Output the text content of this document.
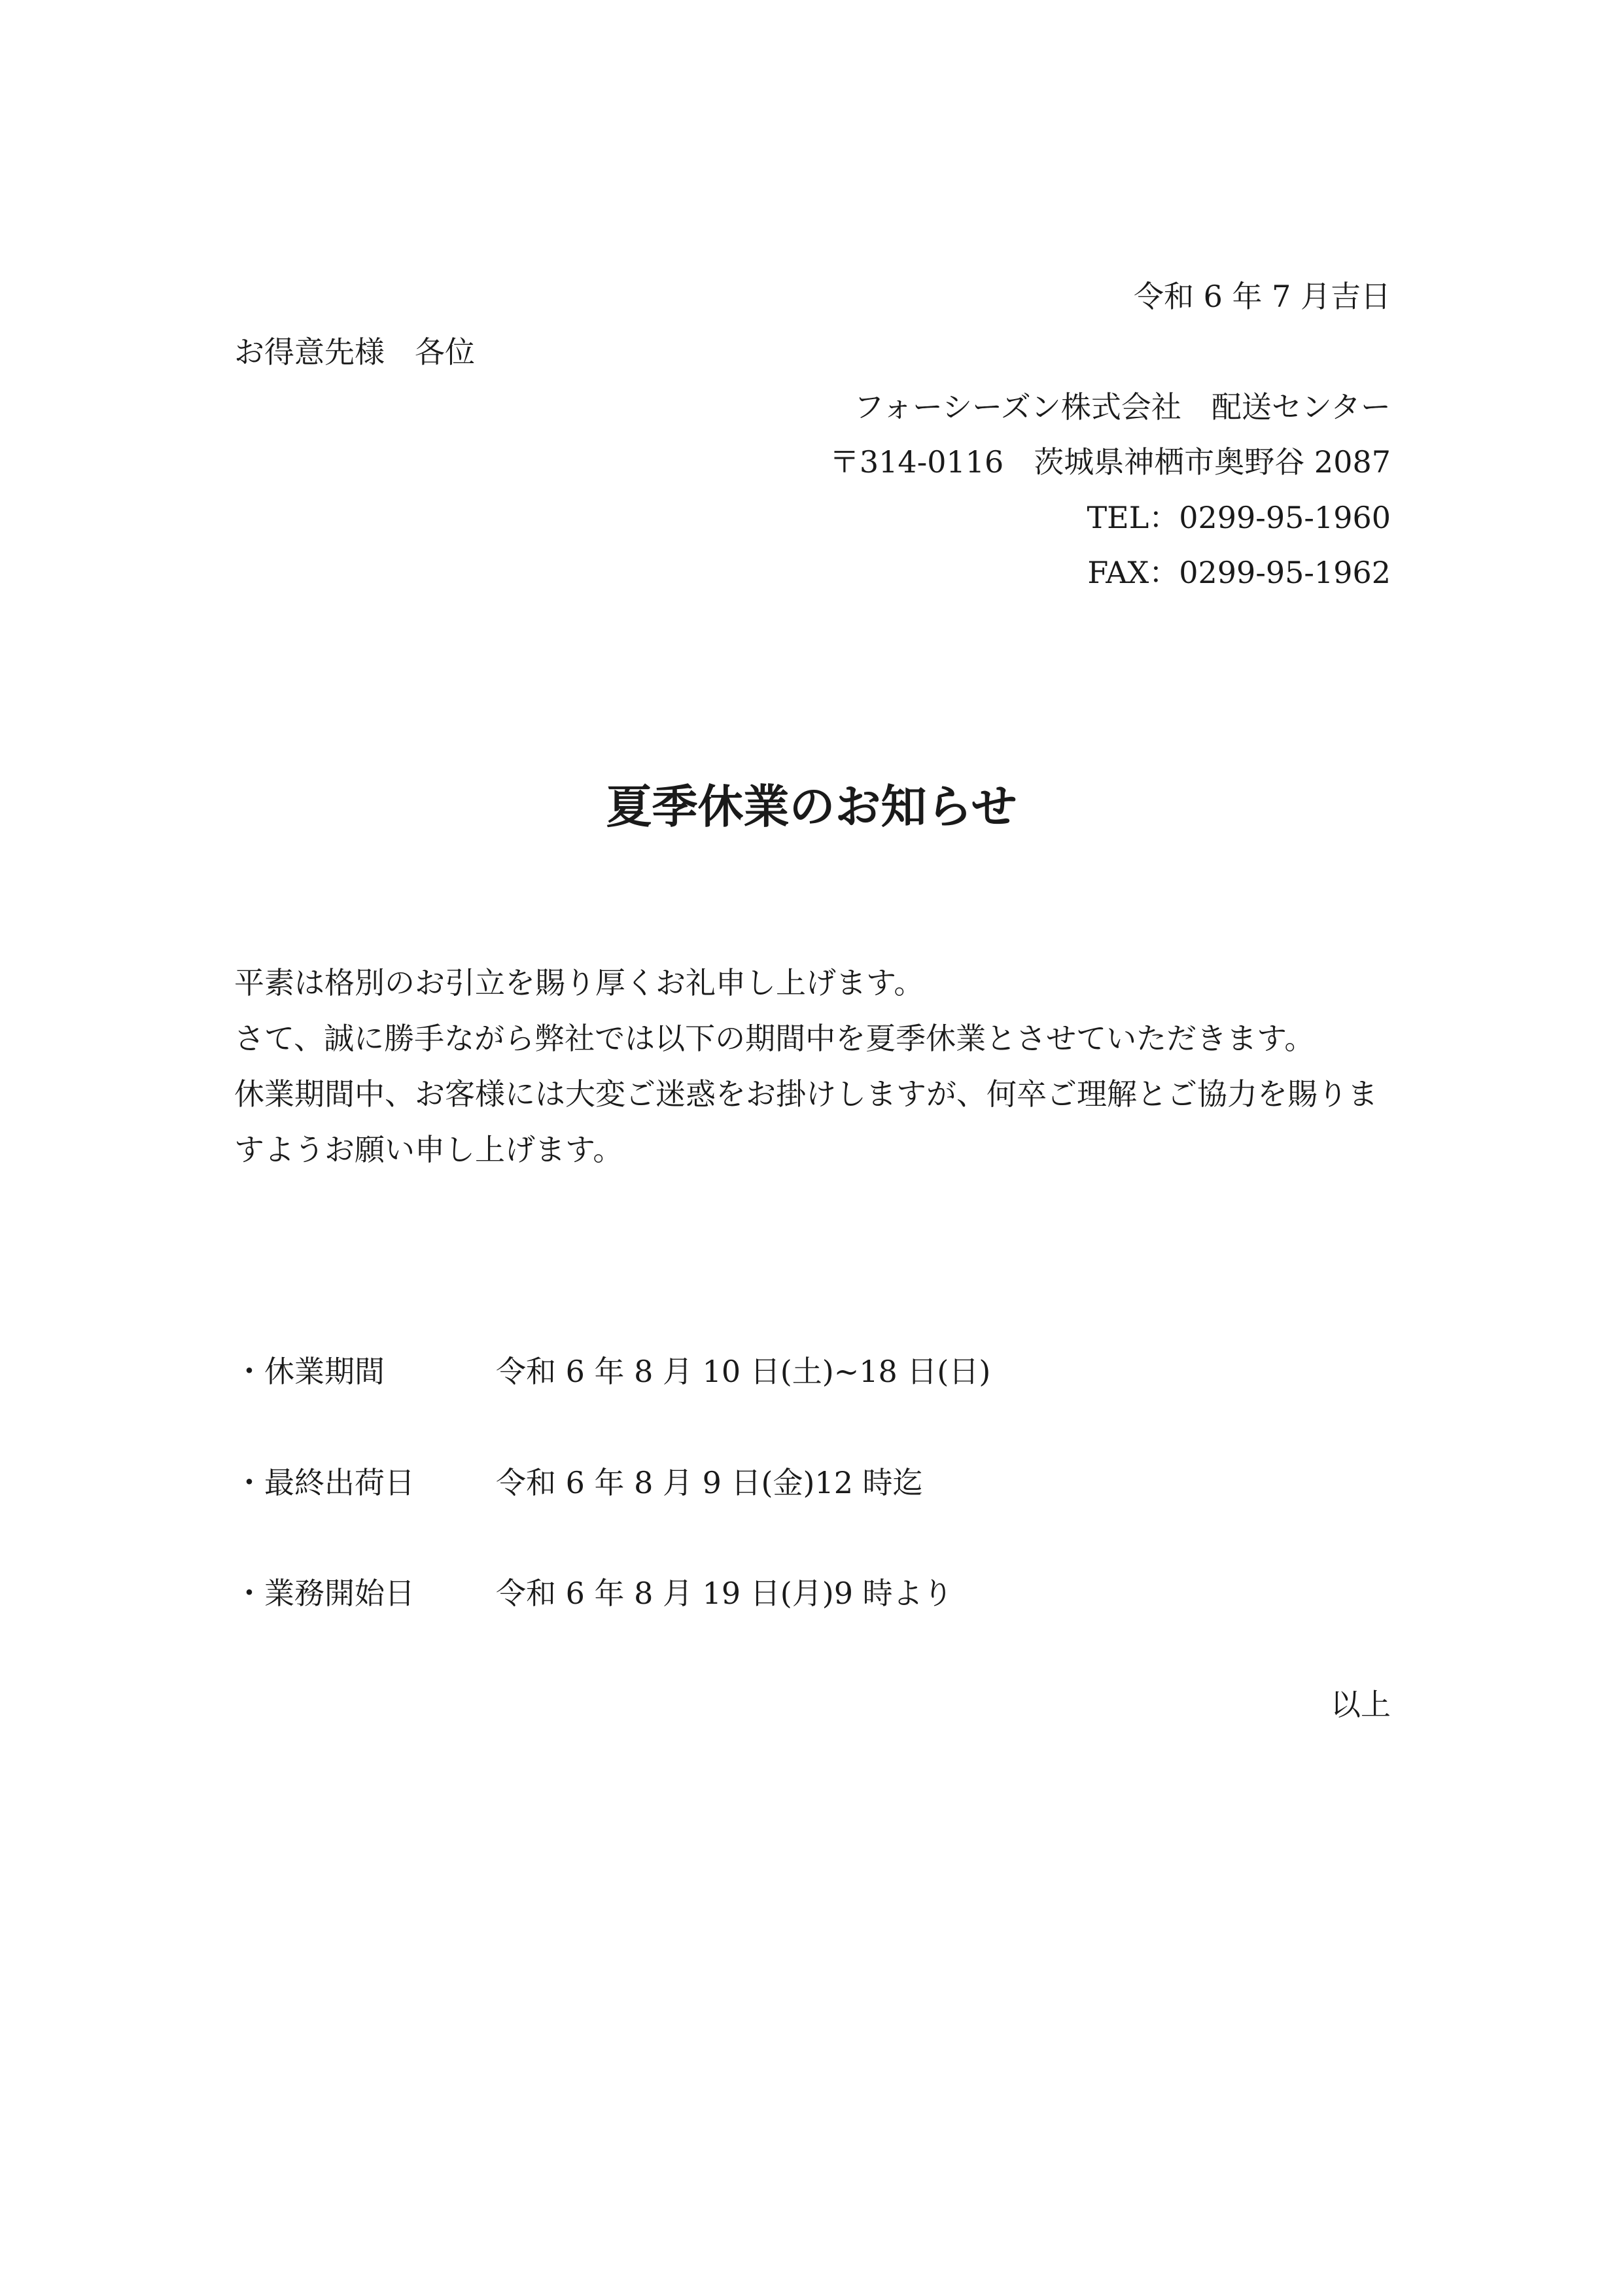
令和 6 年 7 月吉日
お得意先様　各位
フォーシーズン株式会社　配送センター
〒314-0116　茨城県神栖市奥野谷 2087
TEL：0299-95-1960
FAX：0299-95-1962
夏季休業のお知らせ

平素は格別のお引立を賜り厚くお礼申し上げます。

さて、誠に勝手ながら弊社では以下の期間中を夏季休業とさせていただきます。

休業期間中、お客様には大変ご迷惑をお掛けしますが、何卒ご理解とご協力を賜りますようお願い申し上げます。

・休業期間	令和 6 年 8 月 10 日(土)~18 日(日)
・最終出荷日	令和 6 年 8 月 9 日(金)12 時迄
・業務開始日	令和 6 年 8 月 19 日(月)9 時より
以上
